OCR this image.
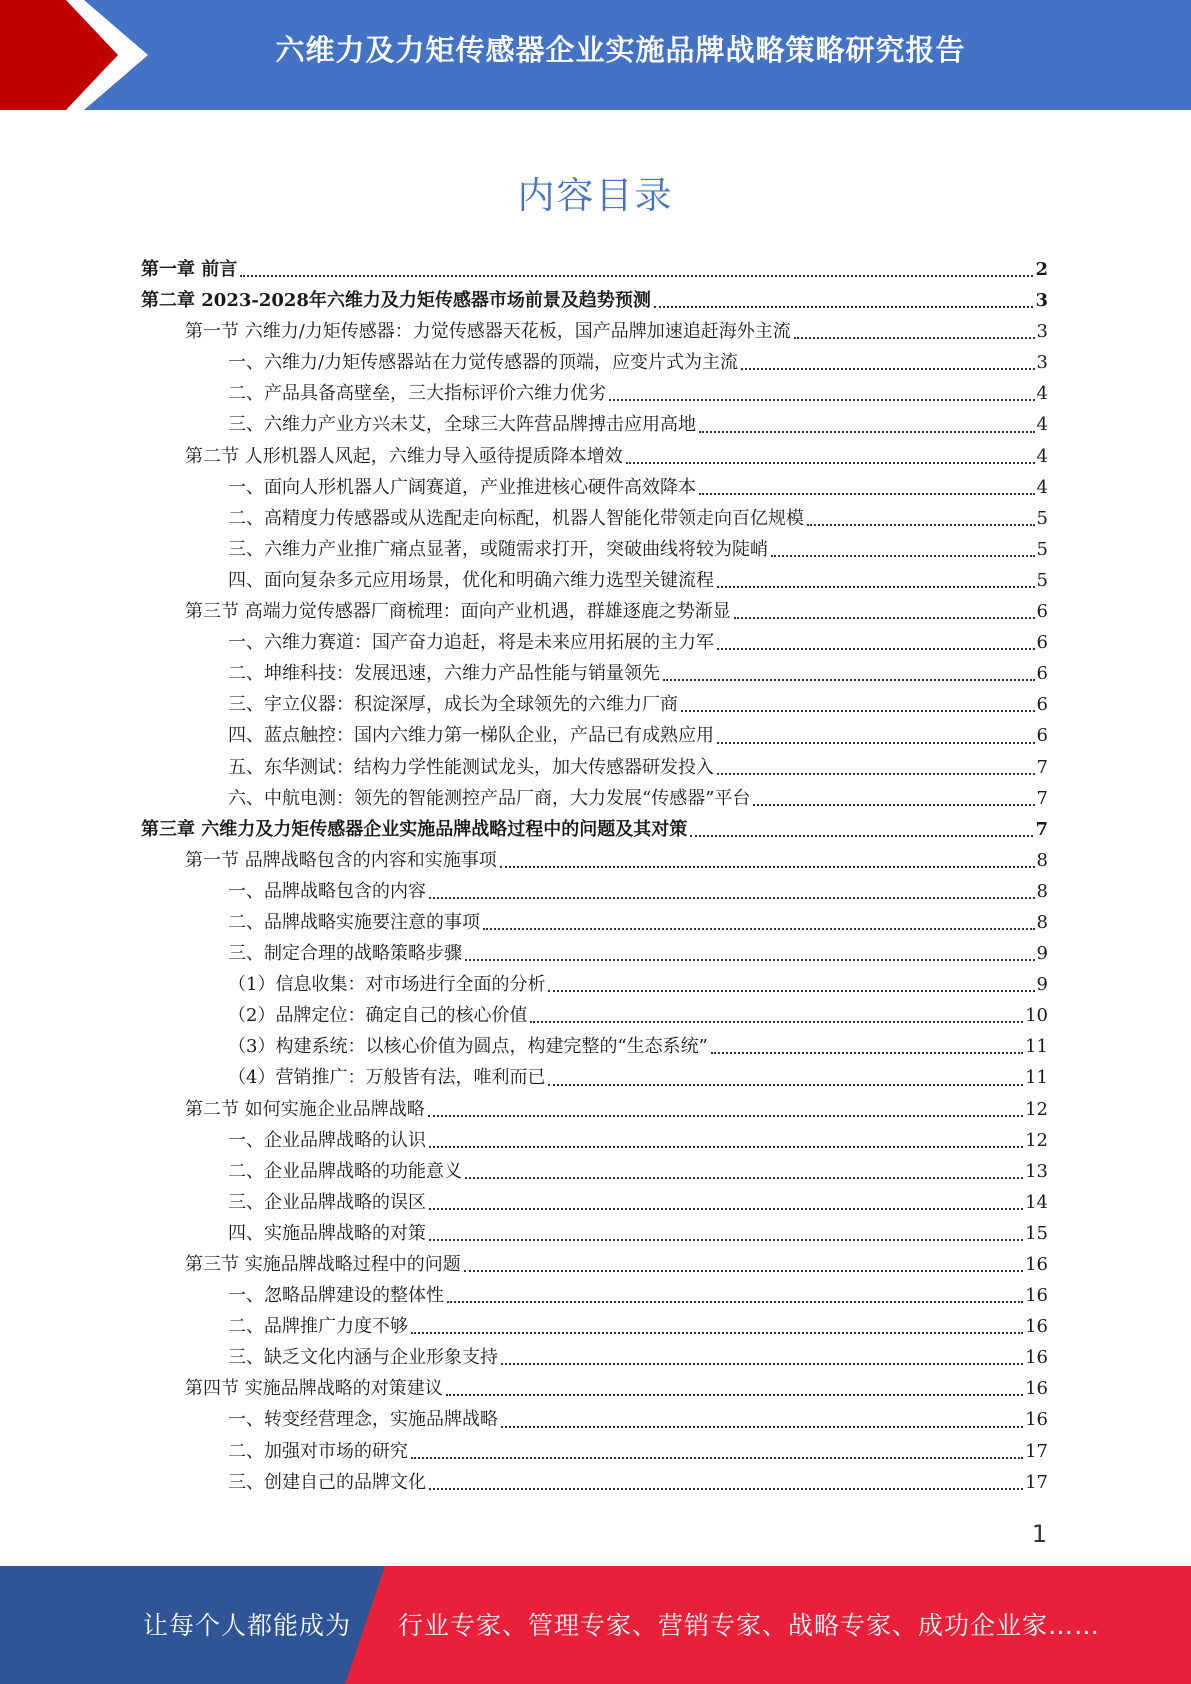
六维力及力矩传感器企业实施品牌战略策略研究报告
内容目录
第一章 前言	2
第二章 2023-2028年六维力及力矩传感器市场前景及趋势预测	3
第一节 六维力/力矩传感器：力觉传感器天花板，国产品牌加速追赶海外主流	3
一、六维力/力矩传感器站在力觉传感器的顶端，应变片式为主流	3
二、产品具备高壁垒，三大指标评价六维力优劣	4
三、六维力产业方兴未艾，全球三大阵营品牌搏击应用高地	4
第二节 人形机器人风起，六维力导入亟待提质降本增效	4
一、面向人形机器人广阔赛道，产业推进核心硬件高效降本	4
二、高精度力传感器或从选配走向标配，机器人智能化带领走向百亿规模	5
三、六维力产业推广痛点显著，或随需求打开，突破曲线将较为陡峭	5
四、面向复杂多元应用场景，优化和明确六维力选型关键流程	5
第三节 高端力觉传感器厂商梳理：面向产业机遇，群雄逐鹿之势渐显	6
一、六维力赛道：国产奋力追赶，将是未来应用拓展的主力军	6
二、坤维科技：发展迅速，六维力产品性能与销量领先	6
三、宇立仪器：积淀深厚，成长为全球领先的六维力厂商	6
四、蓝点触控：国内六维力第一梯队企业，产品已有成熟应用	6
五、东华测试：结构力学性能测试龙头，加大传感器研发投入	7
六、中航电测：领先的智能测控产品厂商，大力发展“传感器”平台	7
第三章 六维力及力矩传感器企业实施品牌战略过程中的问题及其对策	7
第一节 品牌战略包含的内容和实施事项	8
一、品牌战略包含的内容	8
二、品牌战略实施要注意的事项	8
三、制定合理的战略策略步骤	9
（1）信息收集：对市场进行全面的分析	9
（2）品牌定位：确定自己的核心价值	10
（3）构建系统：以核心价值为圆点，构建完整的“生态系统”	11
（4）营销推广：万般皆有法，唯利而已	11
第二节 如何实施企业品牌战略	12
一、企业品牌战略的认识	12
二、企业品牌战略的功能意义	13
三、企业品牌战略的误区	14
四、实施品牌战略的对策	15
第三节 实施品牌战略过程中的问题	16
一、忽略品牌建设的整体性	16
二、品牌推广力度不够	16
三、缺乏文化内涵与企业形象支持	16
第四节 实施品牌战略的对策建议	16
一、转变经营理念，实施品牌战略	16
二、加强对市场的研究	17
三、创建自己的品牌文化	17
1
让每个人都能成为 行业专家、管理专家、营销专家、战略专家、成功企业家……
